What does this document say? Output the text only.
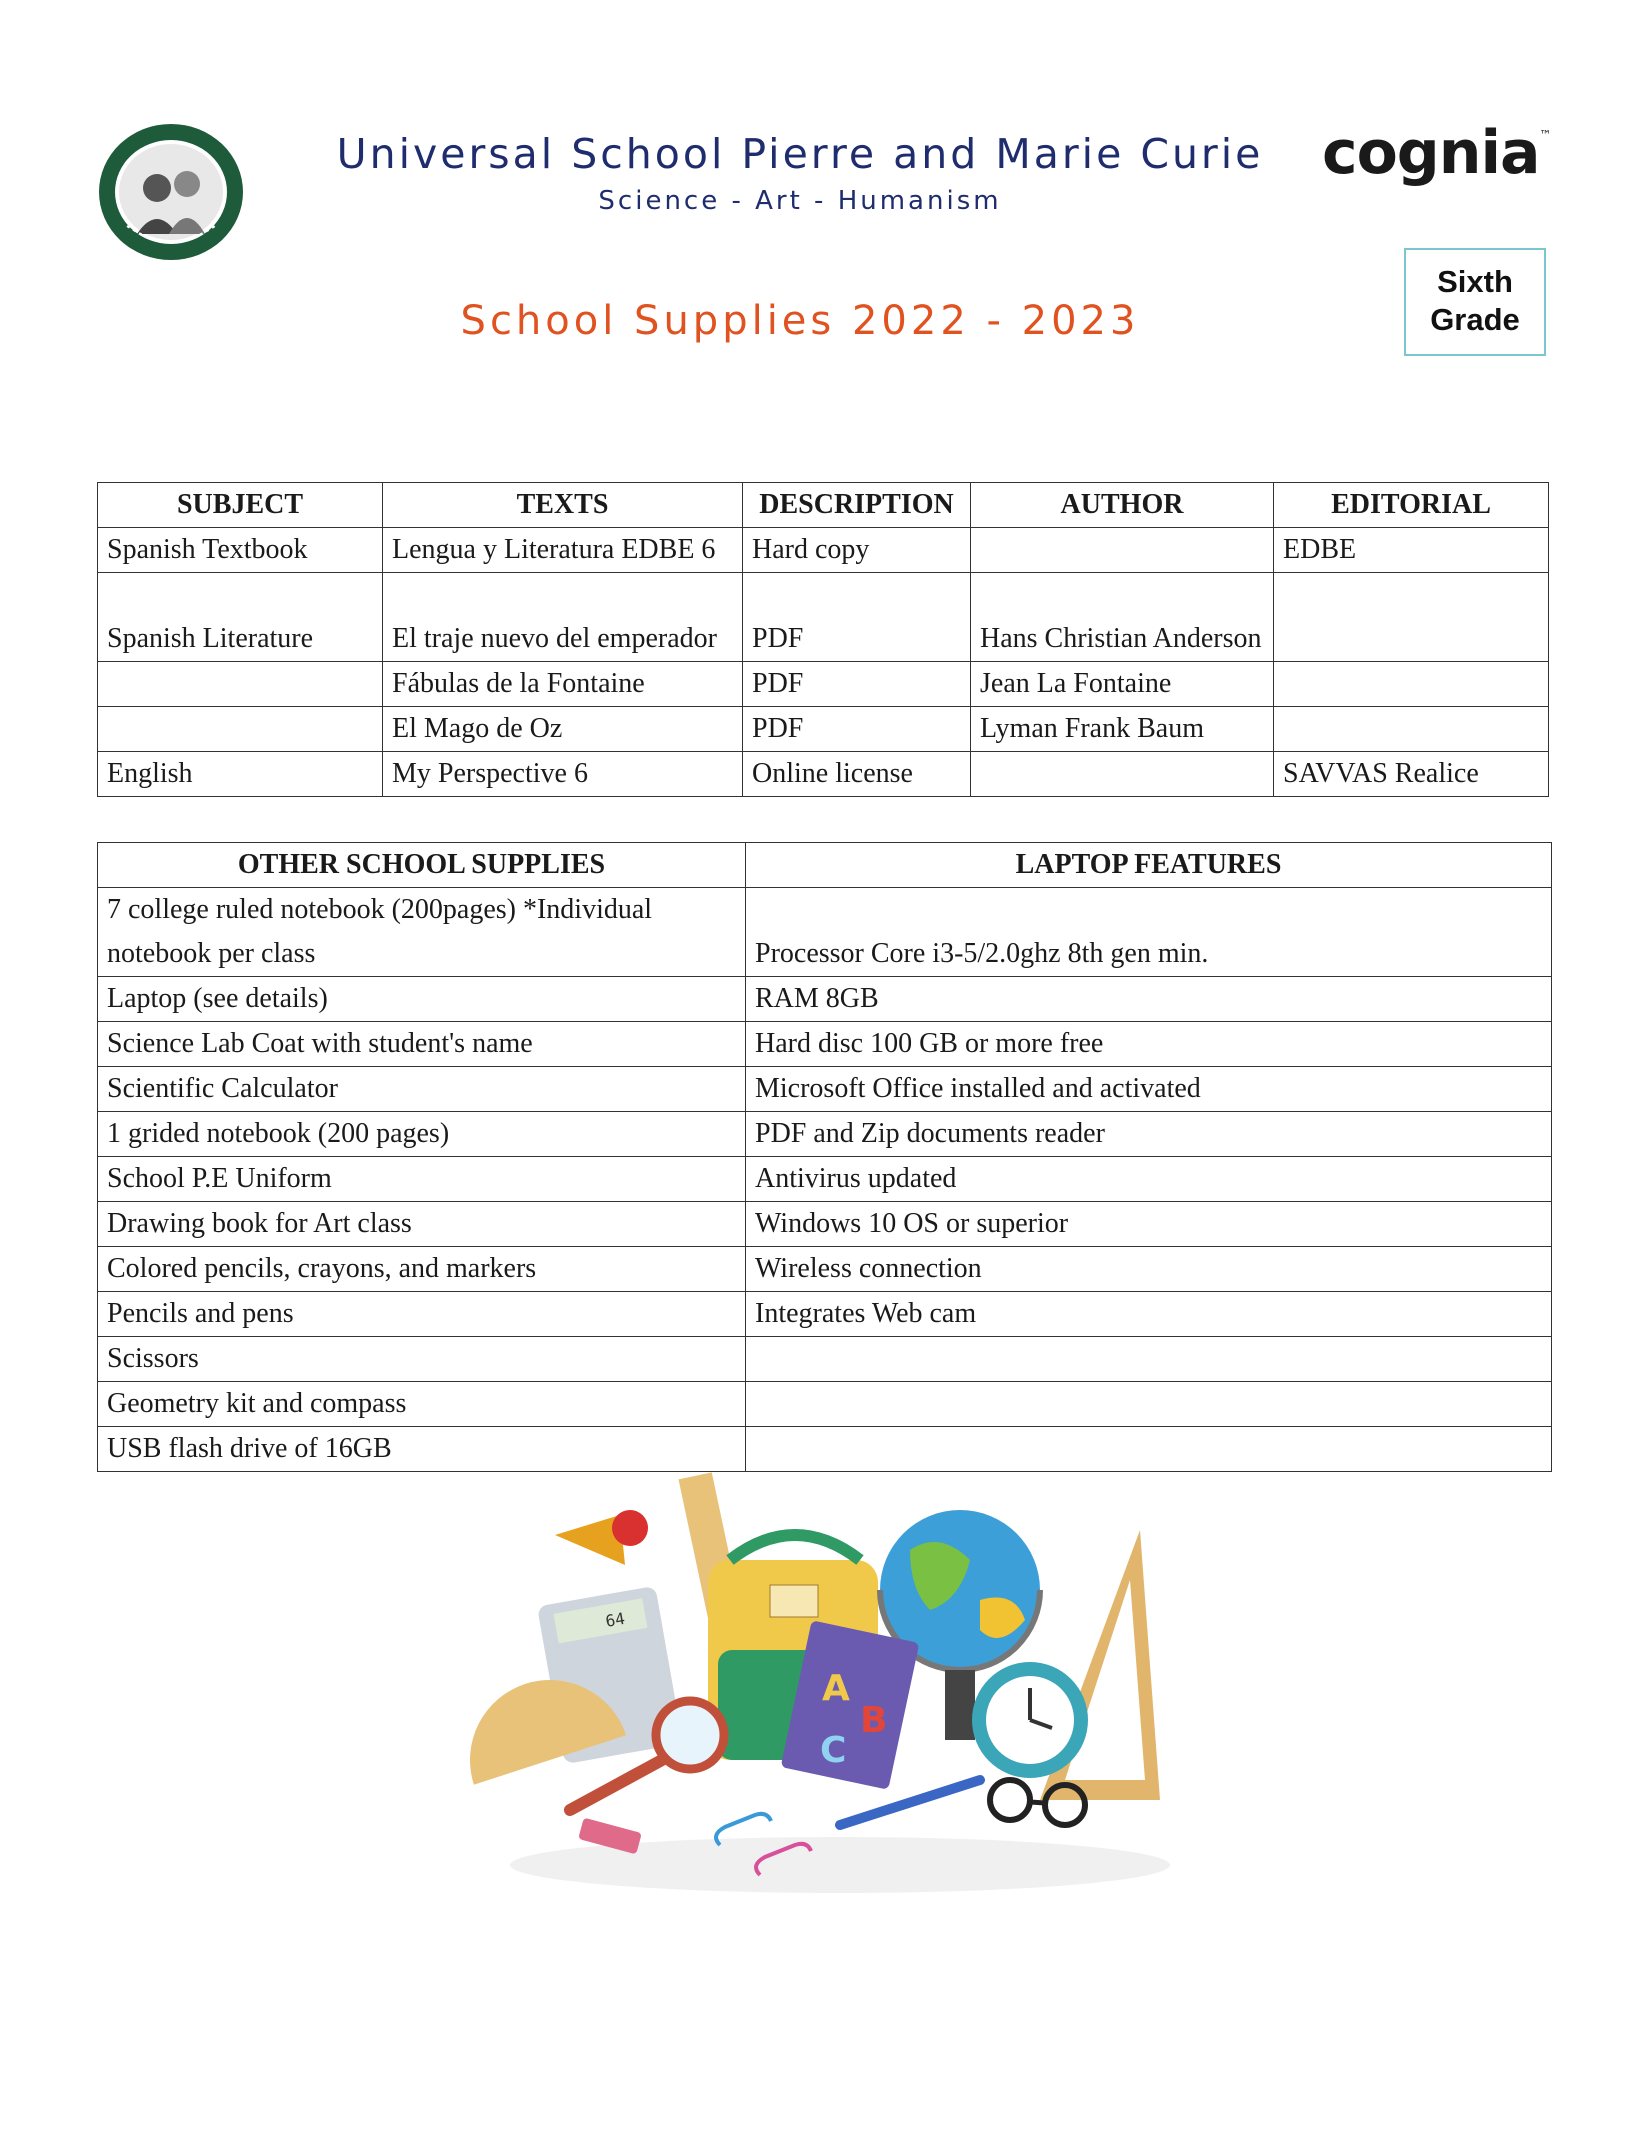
Universal School Pierre and Marie Curie
Science - Art - Humanism
cognia™
Sixth
Grade
School Supplies 2022 - 2023
SUBJECT	TEXTS	DESCRIPTION	AUTHOR	EDITORIAL
Spanish Textbook	Lengua y Literatura EDBE 6	Hard copy		EDBE
Spanish Literature	El traje nuevo del emperador	PDF	Hans Christian Anderson	
	Fábulas de la Fontaine	PDF	Jean La Fontaine	
	El Mago de Oz	PDF	Lyman Frank Baum	
English	My Perspective 6	Online license		SAVVAS Realice
OTHER SCHOOL SUPPLIES	LAPTOP FEATURES
7 college ruled notebook (200pages) *Individual notebook per class	Processor Core i3-5/2.0ghz 8th gen min.
Laptop (see details)	RAM 8GB
Science Lab Coat with student's name	Hard disc 100 GB or more free
Scientific Calculator	Microsoft Office installed and activated
1 grided notebook (200 pages)	PDF and Zip documents reader
School P.E Uniform	Antivirus updated
Drawing book for Art class	Windows 10 OS or superior
Colored pencils, crayons, and markers	Wireless connection
Pencils and pens	Integrates Web cam
Scissors	
Geometry kit and compass	
USB flash drive of 16GB	
64
A
B
C
